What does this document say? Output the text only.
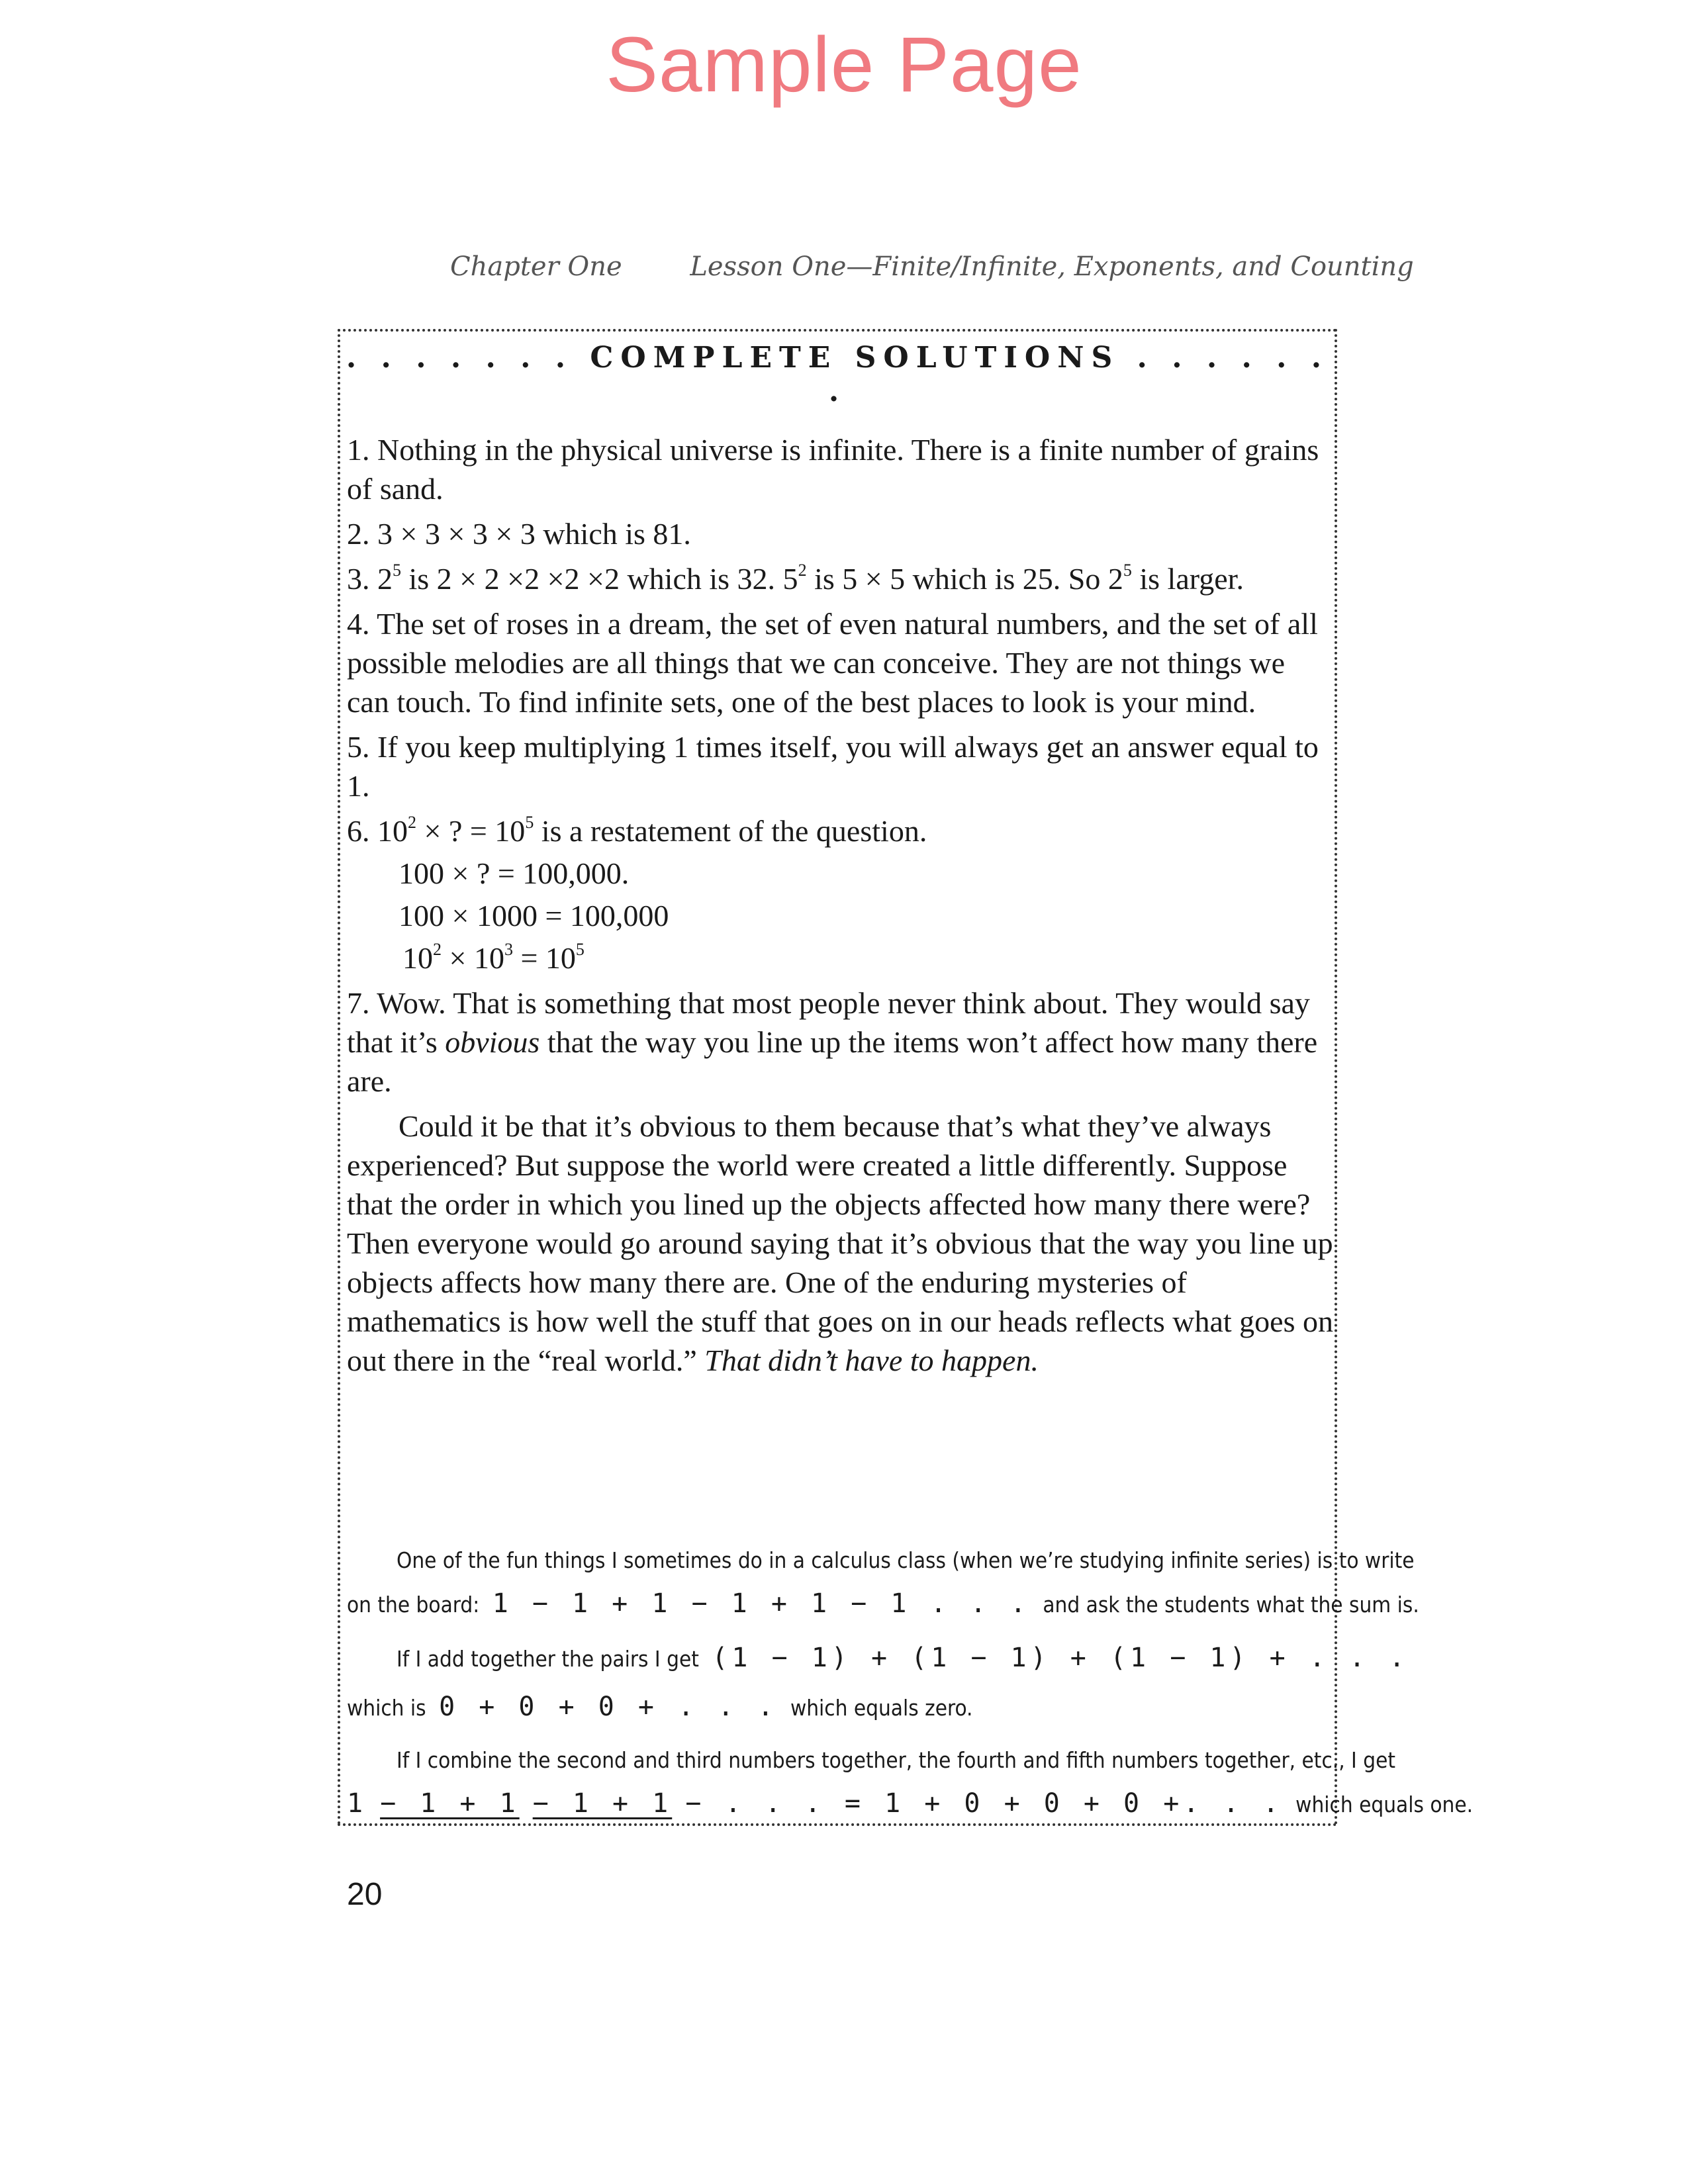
Sample Page
Chapter One	Lesson One—Finite/Infinite, Exponents, and Counting
. . . . . . . COMPLETE SOLUTIONS . . . . . . .
1. Nothing in the physical universe is infinite. There is a finite number of grains of sand.
2. 3 × 3 × 3 × 3 which is 81.
3. $2^5$ is 2 × 2 ×2 ×2 ×2 which is 32. $5^2$ is 5 × 5 which is 25. So $2^5$ is larger.
4. The set of roses in a dream, the set of even natural numbers, and the set of all possible melodies are all things that we can conceive. They are not things we can touch. To find infinite sets, one of the best places to look is your mind.
5. If you keep multiplying 1 times itself, you will always get an answer equal to 1.
6. $10^2$ × ? = $10^5$ is a restatement of the question.
100 × ? = 100,000.
100 × 1000 = 100,000
$10^2 \times 10^3 = 10^5$
7. Wow. That is something that most people never think about. They would say that it’s obvious that the way you line up the items won’t affect how many there are.
Could it be that it’s obvious to them because that’s what they’ve always experienced? But suppose the world were created a little differently. Suppose that the order in which you lined up the objects affected how many there were? Then everyone would go around saying that it’s obvious that the way you line up objects affects how many there are. One of the enduring mysteries of mathematics is how well the stuff that goes on in our heads reflects what goes on out there in the “real world.” That didn’t have to happen.
One of the fun things I sometimes do in a calculus class (when we’re studying infinite series) is to write
on the board: 1 − 1 + 1 − 1 + 1 − 1 . . . and ask the students what the sum is.
If I add together the pairs I get (1 − 1) + (1 − 1) + (1 − 1) + . . .
which is 0 + 0 + 0 + . . . which equals zero.
If I combine the second and third numbers together, the fourth and fifth numbers together, etc., I get
1 − 1 + 1 − 1 + 1 − . . . = 1 + 0 + 0 + 0 +. . . which equals one.
20
